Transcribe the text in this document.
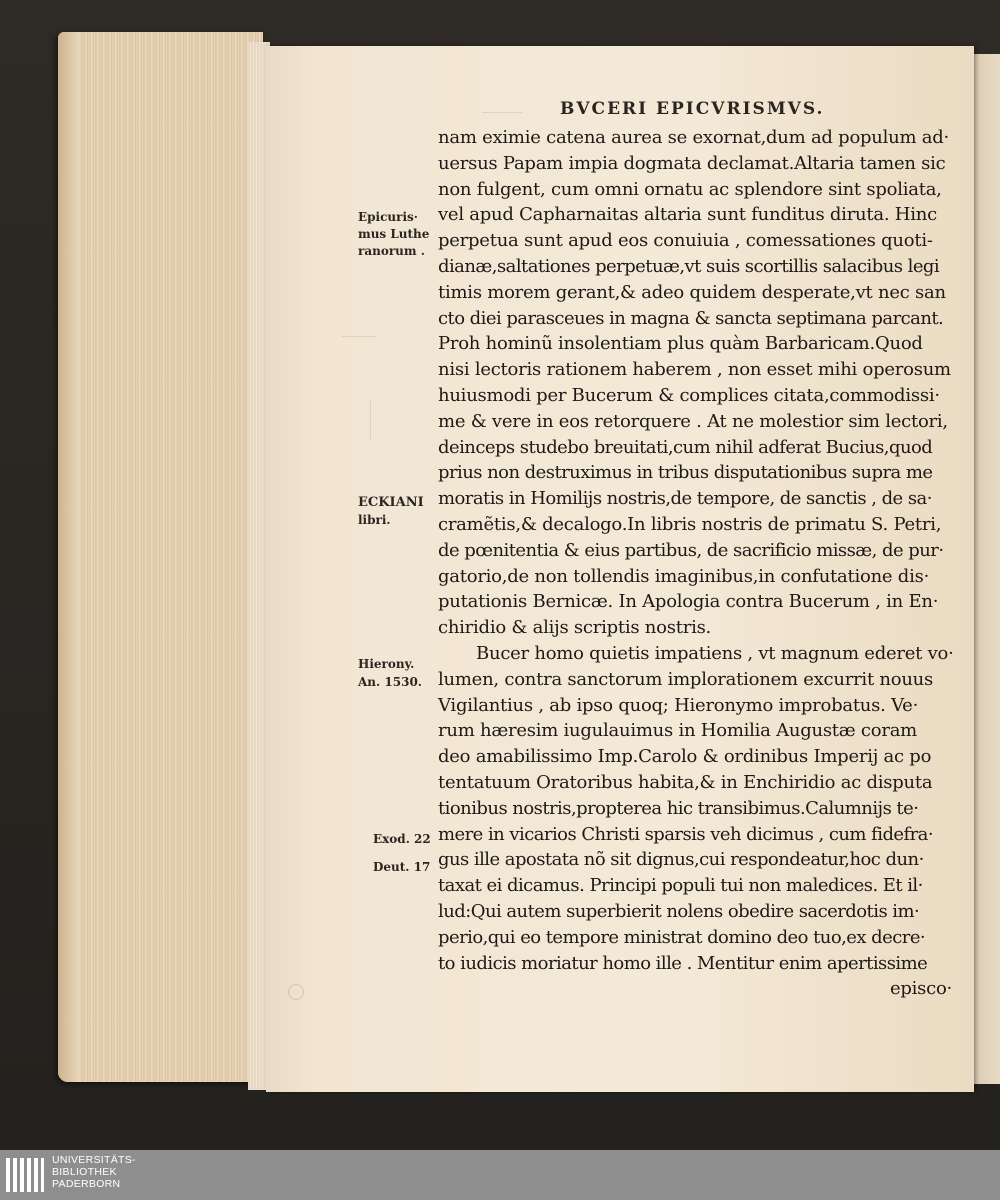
BVCERI EPICVRISMVS.
nam eximie catena aurea se exornat,dum ad populum ad·
uersus Papam impia dogmata declamat.Altaria tamen sic
non fulgent, cum omni ornatu ac splendore sint spoliata,
vel apud Capharnaitas altaria sunt funditus diruta. Hinc
perpetua sunt apud eos conuiuia , comessationes quoti-
dianæ,saltationes perpetuæ,vt suis scortillis salacibus legi
timis morem gerant,& adeo quidem desperate,vt nec san
cto diei parasceues in magna & sancta septimana parcant.
Proh hominũ insolentiam plus quàm Barbaricam.Quod
nisi lectoris rationem haberem , non esset mihi operosum
huiusmodi per Bucerum & complices citata,commodissi·
me & vere in eos retorquere . At ne molestior sim lectori,
deinceps studebo breuitati,cum nihil adferat Bucius,quod
prius non destruximus in tribus disputationibus supra me
moratis in Homilijs nostris,de tempore, de sanctis , de sa·
cramẽtis,& decalogo.In libris nostris de primatu S. Petri,
de pœnitentia & eius partibus, de sacrificio missæ, de pur·
gatorio,de non tollendis imaginibus,in confutatione dis·
putationis Bernicæ. In Apologia contra Bucerum , in En·
chiridio & alijs scriptis nostris.
Bucer homo quietis impatiens , vt magnum ederet vo·
lumen, contra sanctorum implorationem excurrit nouus
Vigilantius , ab ipso quoq; Hieronymo improbatus. Ve·
rum hæresim iugulauimus in Homilia Augustæ coram
deo amabilissimo Imp.Carolo & ordinibus Imperij ac po
tentatuum Oratoribus habita,& in Enchiridio ac disputa
tionibus nostris,propterea hic transibimus.Calumnijs te·
mere in vicarios Christi sparsis veh dicimus , cum fidefra·
gus ille apostata nõ sit dignus,cui respondeatur,hoc dun·
taxat ei dicamus. Principi populi tui non maledices. Et il·
lud:Qui autem superbierit nolens obedire sacerdotis im·
perio,qui eo tempore ministrat domino deo tuo,ex decre·
to iudicis moriatur homo ille . Mentitur enim apertissime
episco·

Epicuris·

mus Luthe

ranorum .

ECKIANI

libri.

Hierony.

An. 1530.

Exod. 22

Deut. 17

UNIVERSITÄTS-
BIBLIOTHEK
PADERBORN
